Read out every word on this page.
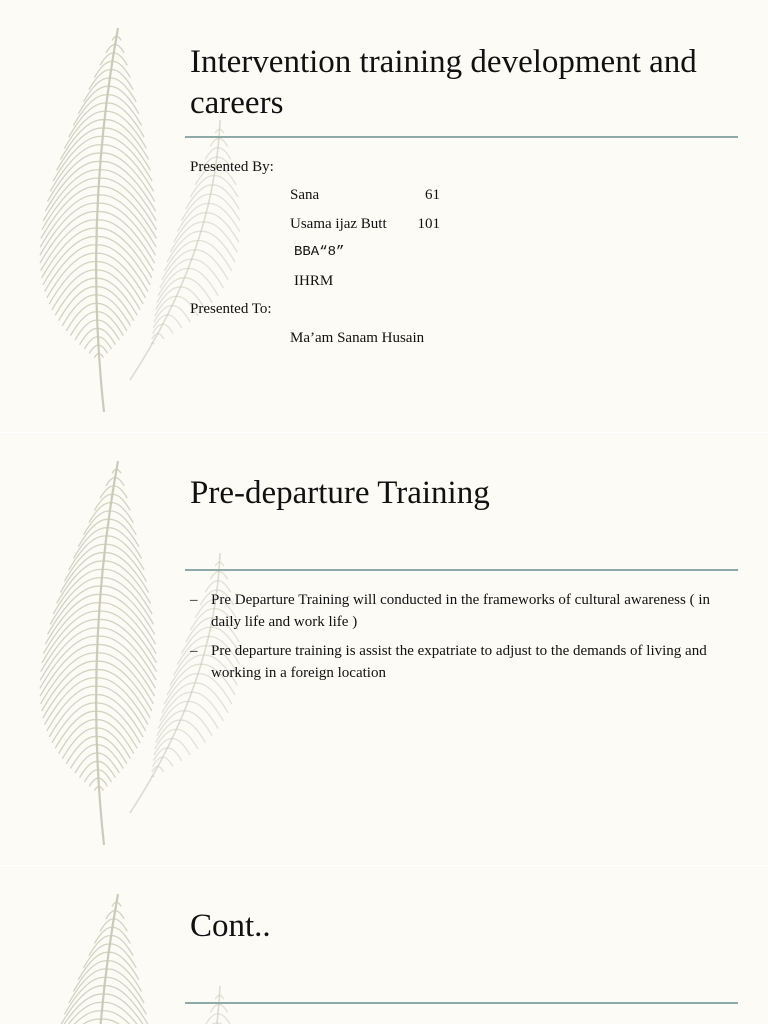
Intervention training development and careers
Presented By:
Sana	61
Usama ijaz Butt	101
BBA“8”
IHRM
Presented To:
Ma’am Sanam Husain
Pre-departure Training
– Pre Departure Training will conducted in the frameworks of cultural awareness ( in daily life and work life )
– Pre departure training is assist the expatriate to adjust to the demands of living and working in a foreign location
Cont..
